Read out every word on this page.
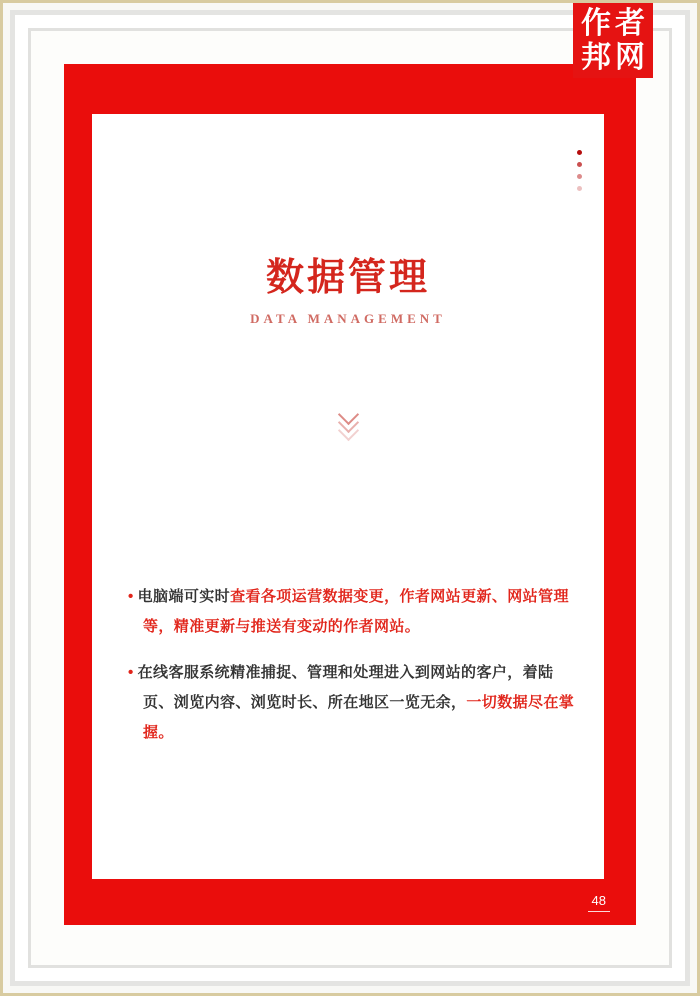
数据管理
DATA MANAGEMENT

• 电脑端可实时查看各项运营数据变更，作者网站更新、网站管理等，精准更新与推送有变动的作者网站。

• 在线客服系统精准捕捉、管理和处理进入到网站的客户，着陆页、浏览内容、浏览时长、所在地区一览无余，一切数据尽在掌握。

48
作者
邦网
